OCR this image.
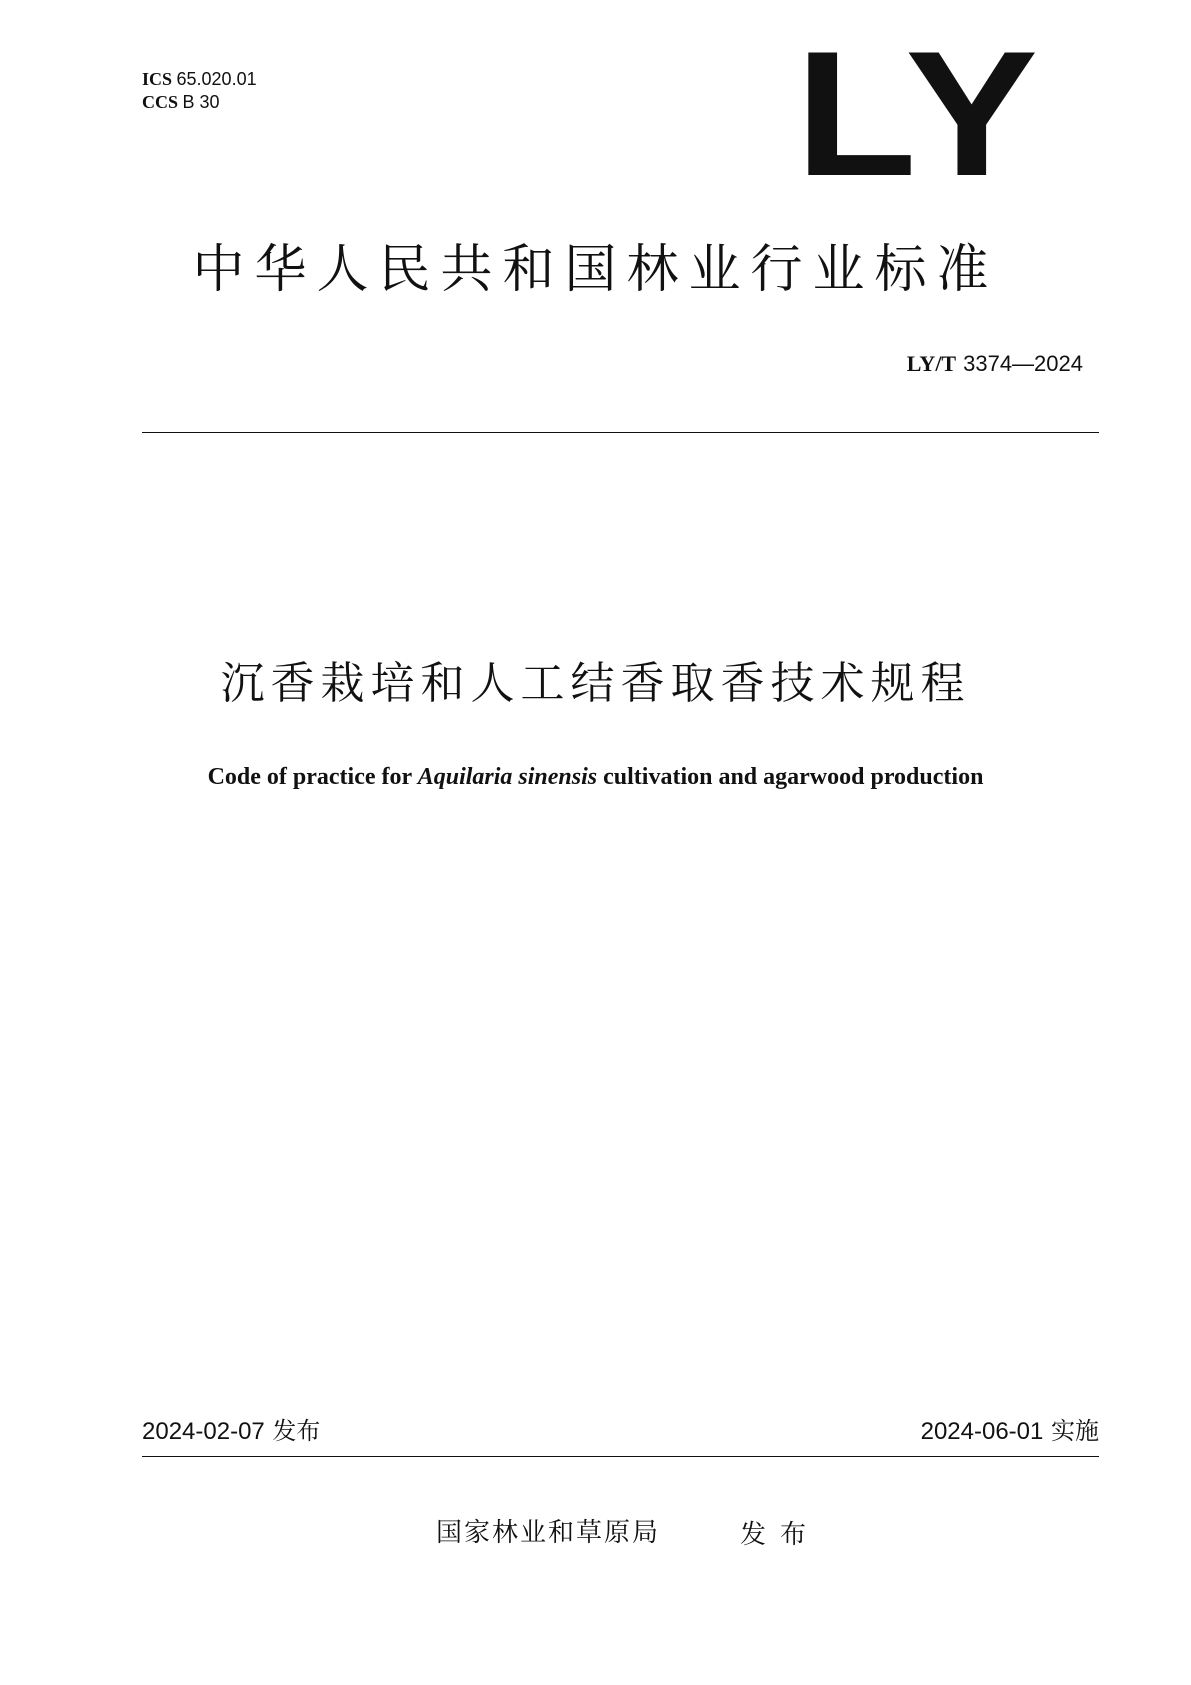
ICS 65.020.01
CCS B 30	LY
中华人民共和国林业行业标准
LY/T 3374—2024
沉香栽培和人工结香取香技术规程
Code of practice for Aquilaria sinensis cultivation and agarwood production
2024-02-07 发布	2024-06-01 实施
国家林业和草原局	发布
